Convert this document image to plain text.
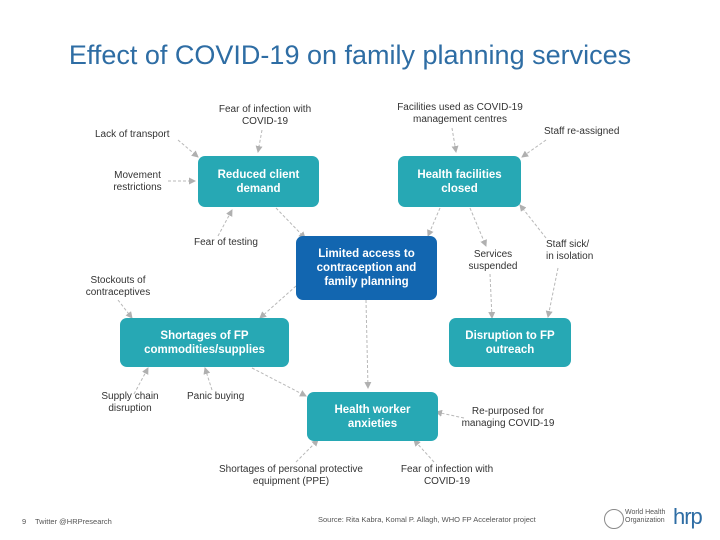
Effect of COVID-19 on family planning services
Reduced client
demand
Health facilities
closed
Limited access to
contraception and
family planning
Shortages of FP
commodities/supplies
Disruption to FP
outreach
Health worker
anxieties
Fear of infection with
COVID-19
Lack of transport
Movement
restrictions
Fear of testing
Facilities used as COVID-19
management centres
Staff re-assigned
Services
suspended
Staff sick/
in isolation
Stockouts of
contraceptives
Supply chain
disruption
Panic buying
Re-purposed for
managing COVID-19
Shortages of personal protective
equipment (PPE)
Fear of infection with
COVID-19
9 Twitter @HRPresearch	Source: Rita Kabra, Komal P. Allagh, WHO FP Accelerator project
World Health
Organization hrp
